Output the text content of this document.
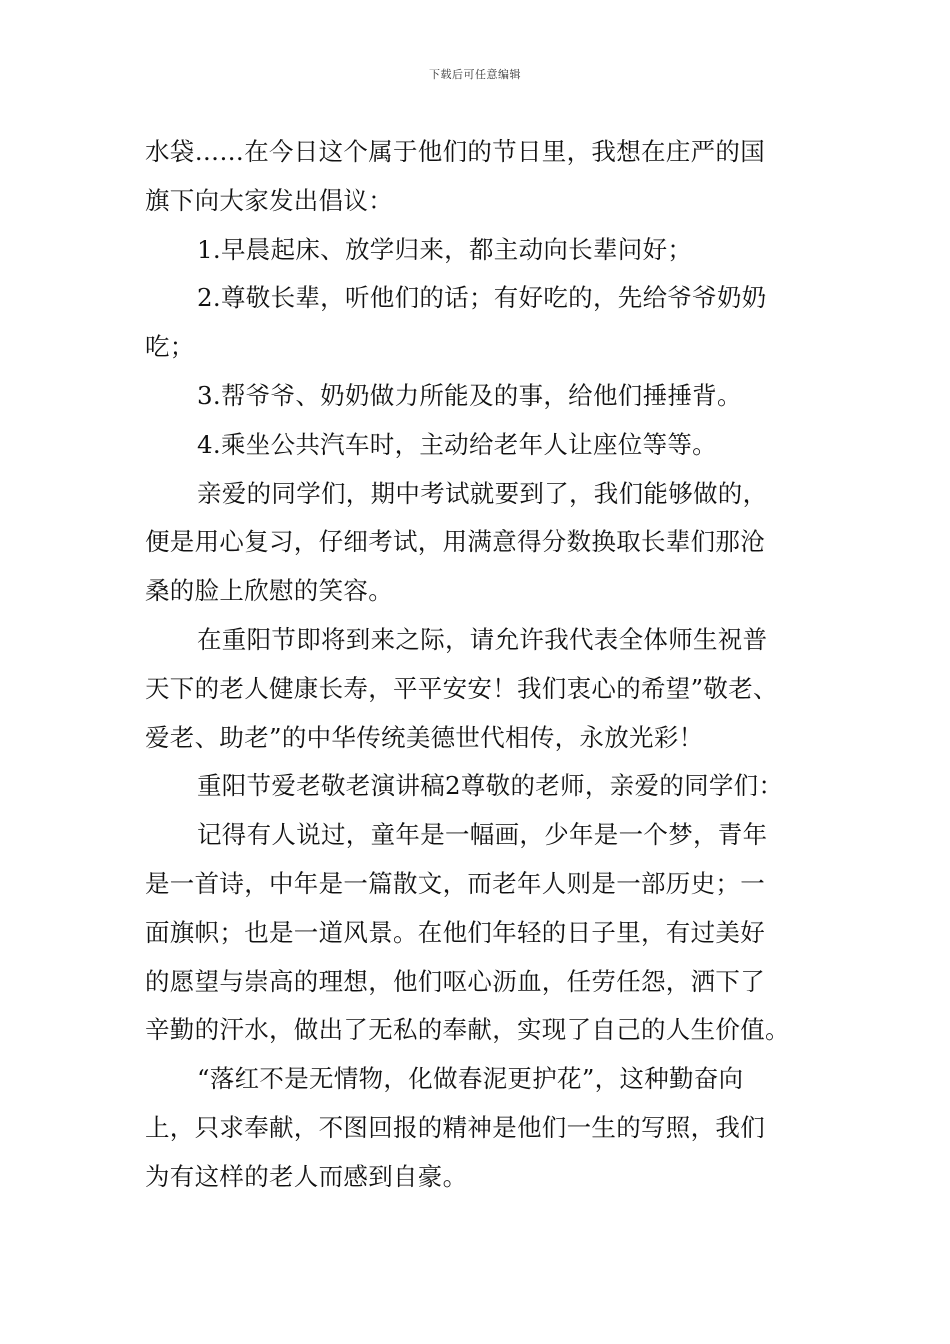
下载后可任意编辑
水袋……在今日这个属于他们的节日里，我想在庄严的国
旗下向大家发出倡议：
1.早晨起床、放学归来，都主动向长辈问好；
2.尊敬长辈，听他们的话；有好吃的，先给爷爷奶奶
吃；
3.帮爷爷、奶奶做力所能及的事，给他们捶捶背。
4.乘坐公共汽车时，主动给老年人让座位等等。
亲爱的同学们，期中考试就要到了，我们能够做的，
便是用心复习，仔细考试，用满意得分数换取长辈们那沧
桑的脸上欣慰的笑容。
在重阳节即将到来之际，请允许我代表全体师生祝普
天下的老人健康长寿，平平安安！我们衷心的希望”敬老、
爱老、助老”的中华传统美德世代相传，永放光彩！
重阳节爱老敬老演讲稿2尊敬的老师，亲爱的同学们：
记得有人说过，童年是一幅画，少年是一个梦，青年
是一首诗，中年是一篇散文，而老年人则是一部历史；一
面旗帜；也是一道风景。在他们年轻的日子里，有过美好
的愿望与崇高的理想，他们呕心沥血，任劳任怨，洒下了
辛勤的汗水，做出了无私的奉献，实现了自己的人生价值。
“落红不是无情物，化做春泥更护花”，这种勤奋向
上，只求奉献，不图回报的精神是他们一生的写照，我们
为有这样的老人而感到自豪。
